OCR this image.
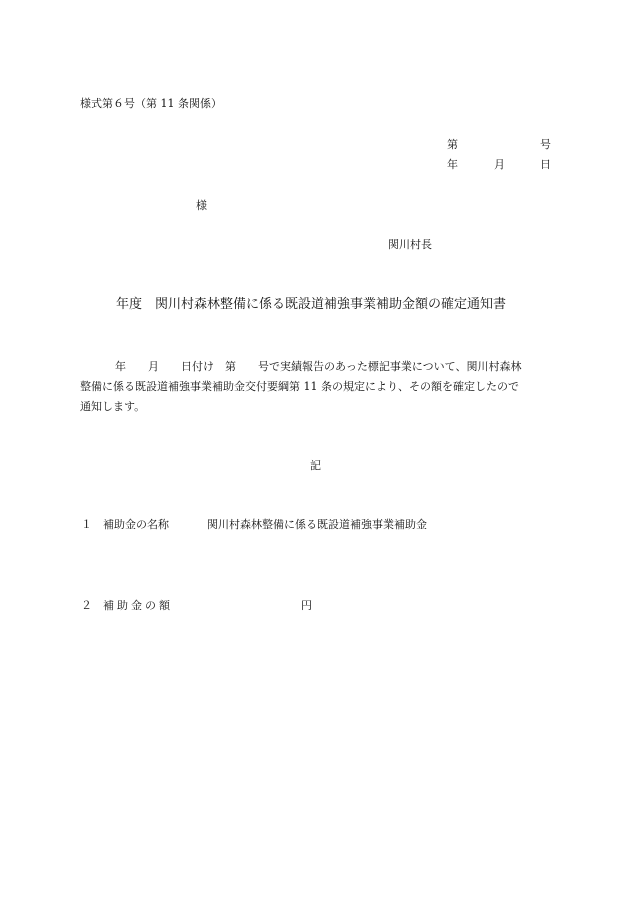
様式第６号（第 11 条関係）
第	号
年	月	日
様
関川村長
年度　関川村森林整備に係る既設道補強事業補助金額の確定通知書
年　　月　　日付け　第　　号で実績報告のあった標記事業について、関川村森林
整備に係る既設道補強事業補助金交付要綱第 11 条の規定により、その額を確定したので
通知します。
記
１ 補助金の名称	関川村森林整備に係る既設道補強事業補助金
２ 補助金の額	円
